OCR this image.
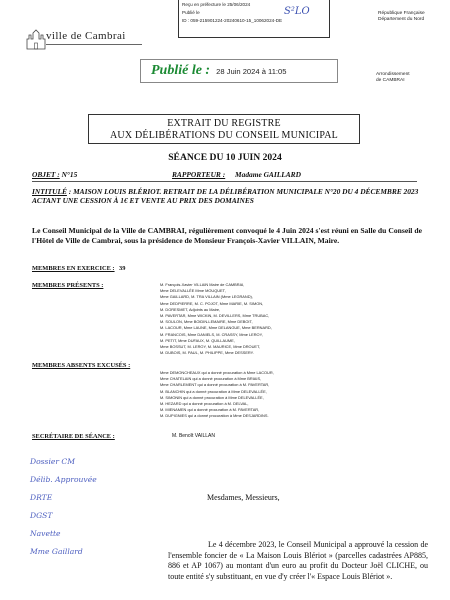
Reçu en préfecture le 25/06/2024
Publié le
ID : 059-215901224-20240610-15_10062024-DE
S²LO	République Française
Département du Nord
ville de Cambrai
Publié le : 28 Juin 2024 à 11:05	Arrondissement
de CAMBRAI
EXTRAIT DU REGISTRE
AUX DÉLIBÉRATIONS DU CONSEIL MUNICIPAL
SÉANCE DU 10 JUIN 2024
OBJET : N°15	RAPPORTEUR : Madame GAILLARD
INTITULÉ : MAISON LOUIS BLÉRIOT. RETRAIT DE LA DÉLIBÉRATION MUNICIPALE N°20 DU 4 DÉCEMBRE 2023 ACTANT UNE CESSION À 1€ ET VENTE AU PRIX DES DOMAINES
Le Conseil Municipal de la Ville de CAMBRAI, régulièrement convoqué le 4 Juin 2024 s'est réuni en Salle du Conseil de l'Hôtel de Ville de Cambrai, sous la présidence de Monsieur François-Xavier VILLAIN, Maire.
MEMBRES EN EXERCICE : 39
MEMBRES PRÉSENTS :	M. François-Xavier VILLAIN Maire de CAMBRAI,
Mme DELEVALLÉE Mme MOUQUET,
Mme GAILLARD, M. TRA VILLAIN (Mme LEGRAND),
Mme DEDPIERRE, M. C. POJOT, Mme MARIE, M. SIMON,
M. DORESMET, Adjoints au Maire,
M. PAVERTAR, Mme WICKIN, M. DEVILLERS, Mme TRUBAC,
M. SOULON, Mme BOIDIN-LEMAIRE, Mme DEBOIT,
M. LACOUR, Mme LAUNE, Mme DELANGUE, Mme BERNARD,
M. FRANCOIS, Mme DANIELS, M. CRASSY, Mme LEROY,
M. PETIT, Mme DUFAUX, M. QUILLAUME,
Mme BOSSUT, M. LEROY, M. MAURICE, Mme DROUET,
M. DUBOIS, M. PAUL, M. PHILIPPE, Mme DESSERY.
MEMBRES ABSENTS EXCUSÉS :
Mme DEMONCHEAUX qui a donné procuration à Mme LACOUR,
Mme CHATELAIN qui a donné procuration à Mme BRIAIS,
Mme CHARLEMENT qui a donné procuration à M. PAVERTAR,
M. BLANCHIN qui a donné procuration à Mme DELEVALLÉE,
M. SIMONIN qui a donné procuration à Mme DELEVALLÉE,
M. HEZARD qui a donné procuration à M. DELVAL,
M. MIENAMEN qui a donné procuration à M. PAVERTAR,
M. DUPIGNIES qui a donné procuration à Mme DESJARDINS.
SECRÉTAIRE DE SÉANCE :	M. Benoît VAILLAN
Dossier CM
Délib. Approuvée
DRTE
DGST
Navette
Mme Gaillard
Mesdames, Messieurs,
Le 4 décembre 2023, le Conseil Municipal a approuvé la cession de l'ensemble foncier de « La Maison Louis Blériot » (parcelles cadastrées AP885, 886 et AP 1067) au montant d'un euro au profit du Docteur Joël CLICHE, ou toute entité s'y substituant, en vue d'y créer l'« Espace Louis Blériot ».
